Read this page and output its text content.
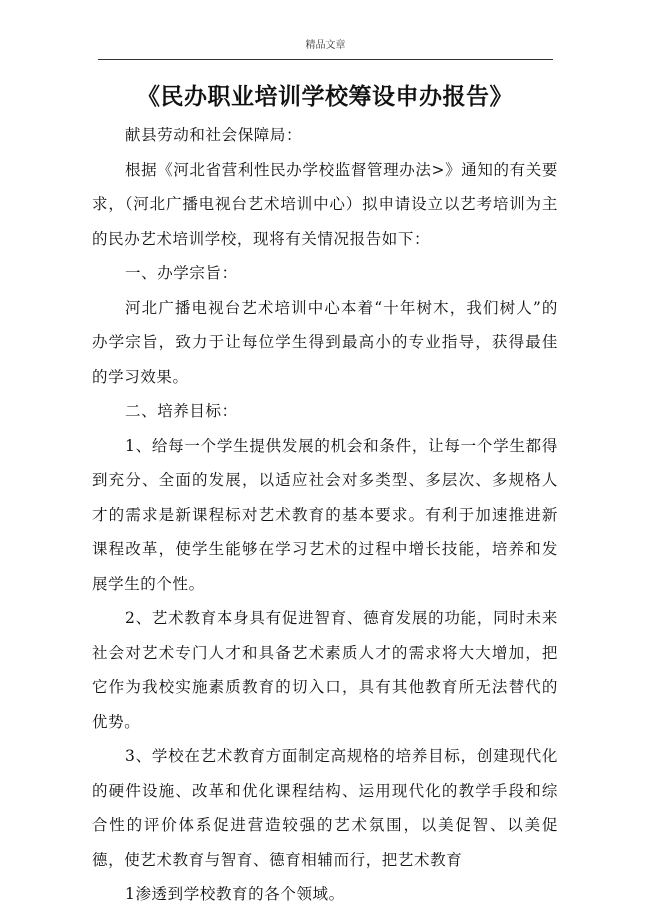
精品文章
《民办职业培训学校筹设申办报告》

献县劳动和社会保障局：

根据《河北省营利性民办学校监督管理办法>》通知的有关要求，（河北广播电视台艺术培训中心）拟申请设立以艺考培训为主的民办艺术培训学校，现将有关情况报告如下：

一、办学宗旨：

河北广播电视台艺术培训中心本着“十年树木，我们树人”的办学宗旨，致力于让每位学生得到最高小的专业指导，获得最佳的学习效果。

二、培养目标：

1、给每一个学生提供发展的机会和条件，让每一个学生都得到充分、全面的发展，以适应社会对多类型、多层次、多规格人才的需求是新课程标对艺术教育的基本要求。有利于加速推进新课程改革，使学生能够在学习艺术的过程中增长技能，培养和发展学生的个性。

2、艺术教育本身具有促进智育、德育发展的功能，同时未来社会对艺术专门人才和具备艺术素质人才的需求将大大增加，把它作为我校实施素质教育的切入口，具有其他教育所无法替代的优势。

3、学校在艺术教育方面制定高规格的培养目标，创建现代化的硬件设施、改革和优化课程结构、运用现代化的教学手段和综合性的评价体系促进营造较强的艺术氛围，以美促智、以美促德，使艺术教育与智育、德育相辅而行，把艺术教育

1渗透到学校教育的各个领域。
